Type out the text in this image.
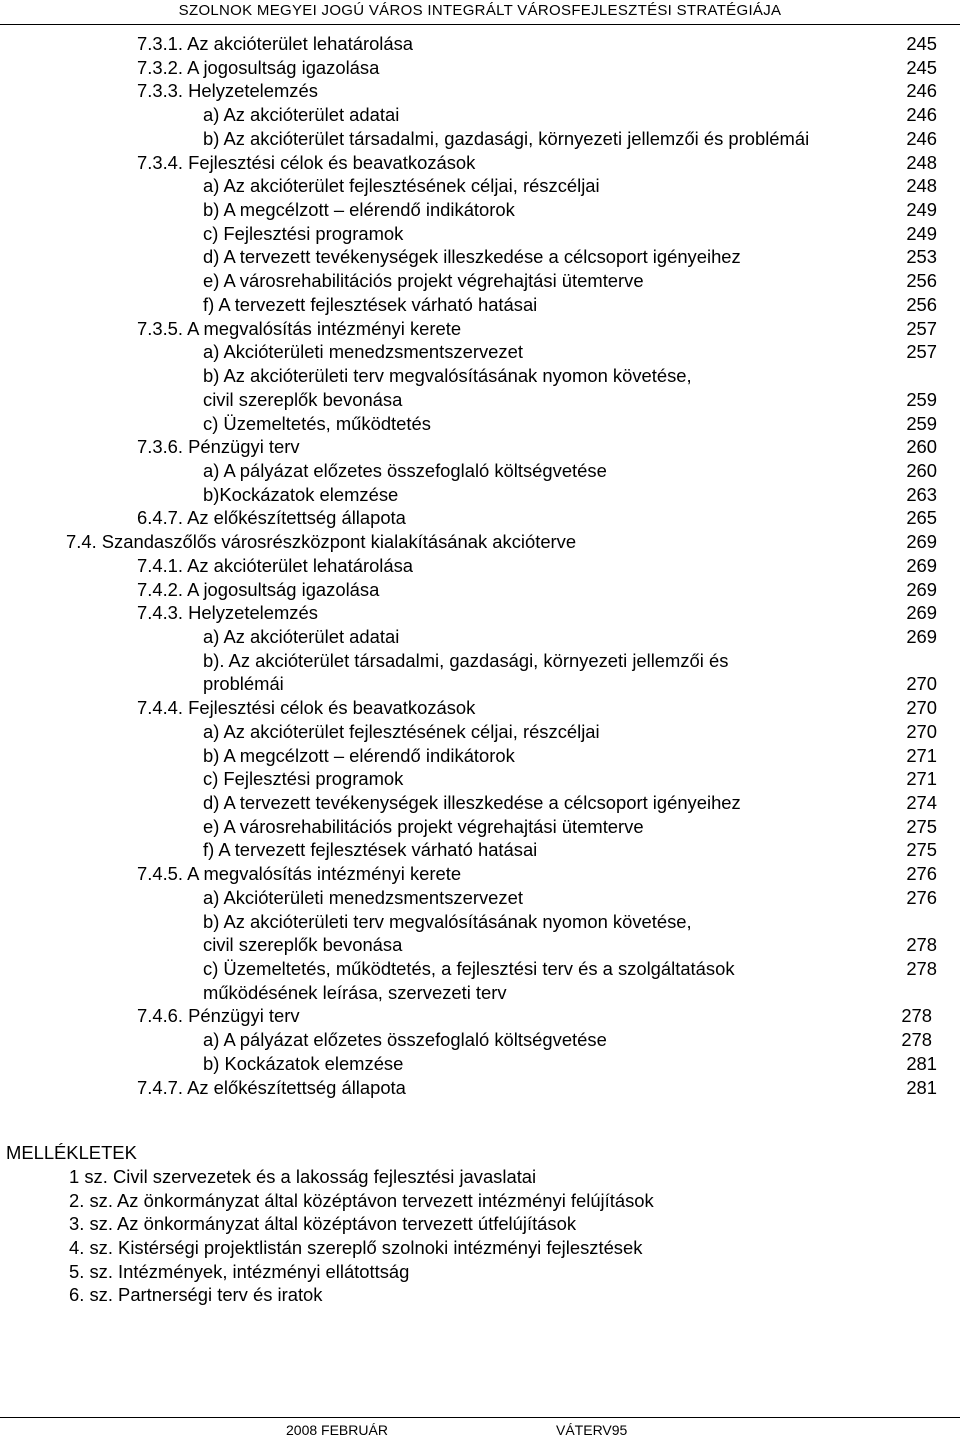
SZOLNOK MEGYEI JOGÚ VÁROS INTEGRÁLT VÁROSFEJLESZTÉSI STRATÉGIÁJA
7.3.1. Az akcióterület lehatárolása	245
7.3.2. A jogosultság igazolása	245
7.3.3. Helyzetelemzés	246
a) Az akcióterület adatai	246
b) Az akcióterület társadalmi, gazdasági, környezeti jellemzői és problémái	246
7.3.4. Fejlesztési célok és beavatkozások	248
a) Az akcióterület fejlesztésének céljai, részcéljai	248
b) A megcélzott – elérendő indikátorok	249
c) Fejlesztési programok	249
d) A tervezett tevékenységek illeszkedése a célcsoport igényeihez	253
e) A városrehabilitációs projekt végrehajtási ütemterve	256
f) A tervezett fejlesztések várható hatásai	256
7.3.5. A megvalósítás intézményi kerete	257
a) Akcióterületi menedzsmentszervezet	257
b) Az akcióterületi terv megvalósításának nyomon követése,
civil szereplők bevonása	259
c) Üzemeltetés, működtetés	259
7.3.6. Pénzügyi terv	260
a) A pályázat előzetes összefoglaló költségvetése	260
b)Kockázatok elemzése	263
6.4.7. Az előkészítettség állapota	265
7.4. Szandaszőlős városrészközpont kialakításának akcióterve	269
7.4.1. Az akcióterület lehatárolása	269
7.4.2. A jogosultság igazolása	269
7.4.3. Helyzetelemzés	269
a) Az akcióterület adatai	269
b). Az akcióterület társadalmi, gazdasági, környezeti jellemzői és
problémái	270
7.4.4. Fejlesztési célok és beavatkozások	270
a) Az akcióterület fejlesztésének céljai, részcéljai	270
b) A megcélzott – elérendő indikátorok	271
c) Fejlesztési programok	271
d) A tervezett tevékenységek illeszkedése a célcsoport igényeihez	274
e) A városrehabilitációs projekt végrehajtási ütemterve	275
f) A tervezett fejlesztések várható hatásai	275
7.4.5. A megvalósítás intézményi kerete	276
a) Akcióterületi menedzsmentszervezet	276
b) Az akcióterületi terv megvalósításának nyomon követése,
civil szereplők bevonása	278
c) Üzemeltetés, működtetés, a fejlesztési terv és a szolgáltatások	278
működésének leírása, szervezeti terv
7.4.6. Pénzügyi terv	278
a) A pályázat előzetes összefoglaló költségvetése	278
b) Kockázatok elemzése	281
7.4.7. Az előkészítettség állapota	281
MELLÉKLETEK
1 sz. Civil szervezetek és a lakosság fejlesztési javaslatai
2. sz. Az önkormányzat által középtávon tervezett intézményi felújítások
3. sz. Az önkormányzat által középtávon tervezett útfelújítások
4. sz. Kistérségi projektlistán szereplő szolnoki intézményi fejlesztések
5. sz. Intézmények, intézményi ellátottság
6. sz. Partnerségi terv és iratok
2008 FEBRUÁR	VÁTERV95
